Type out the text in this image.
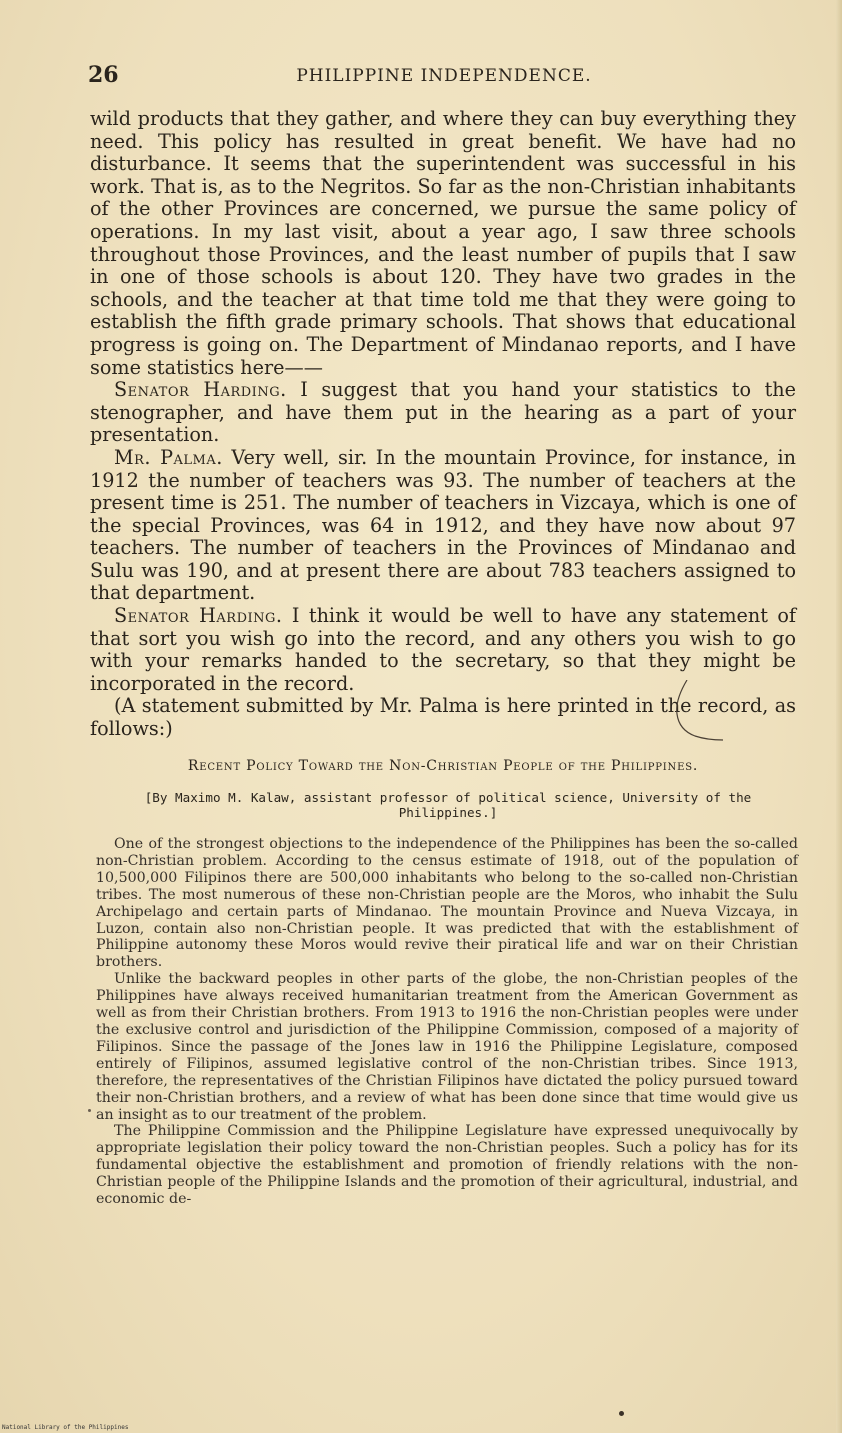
26	PHILIPPINE INDEPENDENCE.

wild products that they gather, and where they can buy everything they need. This policy has resulted in great benefit. We have had no disturbance. It seems that the superintendent was successful in his work. That is, as to the Negritos. So far as the non-Christian inhabitants of the other Provinces are concerned, we pursue the same policy of operations. In my last visit, about a year ago, I saw three schools throughout those Provinces, and the least number of pupils that I saw in one of those schools is about 120. They have two grades in the schools, and the teacher at that time told me that they were going to establish the fifth grade primary schools. That shows that educational progress is going on. The Department of Mindanao reports, and I have some statistics here——

Senator Harding. I suggest that you hand your statistics to the stenographer, and have them put in the hearing as a part of your presentation.

Mr. Palma. Very well, sir. In the mountain Province, for instance, in 1912 the number of teachers was 93. The number of teachers at the present time is 251. The number of teachers in Vizcaya, which is one of the special Provinces, was 64 in 1912, and they have now about 97 teachers. The number of teachers in the Provinces of Mindanao and Sulu was 190, and at present there are about 783 teachers assigned to that department.

Senator Harding. I think it would be well to have any statement of that sort you wish go into the record, and any others you wish to go with your remarks handed to the secretary, so that they might be incorporated in the record.

(A statement submitted by Mr. Palma is here printed in the record, as follows:)

Recent Policy Toward the Non-Christian People of the Philippines.
[By Maximo M. Kalaw, assistant professor of political science, University of the Philippines.]

One of the strongest objections to the independence of the Philippines has been the so-called non-Christian problem. According to the census estimate of 1918, out of the population of 10,500,000 Filipinos there are 500,000 inhabitants who belong to the so-called non-Christian tribes. The most numerous of these non-Christian people are the Moros, who inhabit the Sulu Archipelago and certain parts of Mindanao. The mountain Province and Nueva Vizcaya, in Luzon, contain also non-Christian people. It was predicted that with the establishment of Philippine autonomy these Moros would revive their piratical life and war on their Christian brothers.

Unlike the backward peoples in other parts of the globe, the non-Christian peoples of the Philippines have always received humanitarian treatment from the American Government as well as from their Christian brothers. From 1913 to 1916 the non-Christian peoples were under the exclusive control and jurisdiction of the Philippine Commission, composed of a majority of Filipinos. Since the passage of the Jones law in 1916 the Philippine Legislature, composed entirely of Filipinos, assumed legislative control of the non-Christian tribes. Since 1913, therefore, the representatives of the Christian Filipinos have dictated the policy pursued toward their non-Christian brothers, and a review of what has been done since that time would give us an insight as to our treatment of the problem.

The Philippine Commission and the Philippine Legislature have expressed unequivocally by appropriate legislation their policy toward the non-Christian peoples. Such a policy has for its fundamental objective the establishment and promotion of friendly relations with the non-Christian people of the Philippine Islands and the promotion of their agricultural, industrial, and economic de-

National Library of the Philippines
